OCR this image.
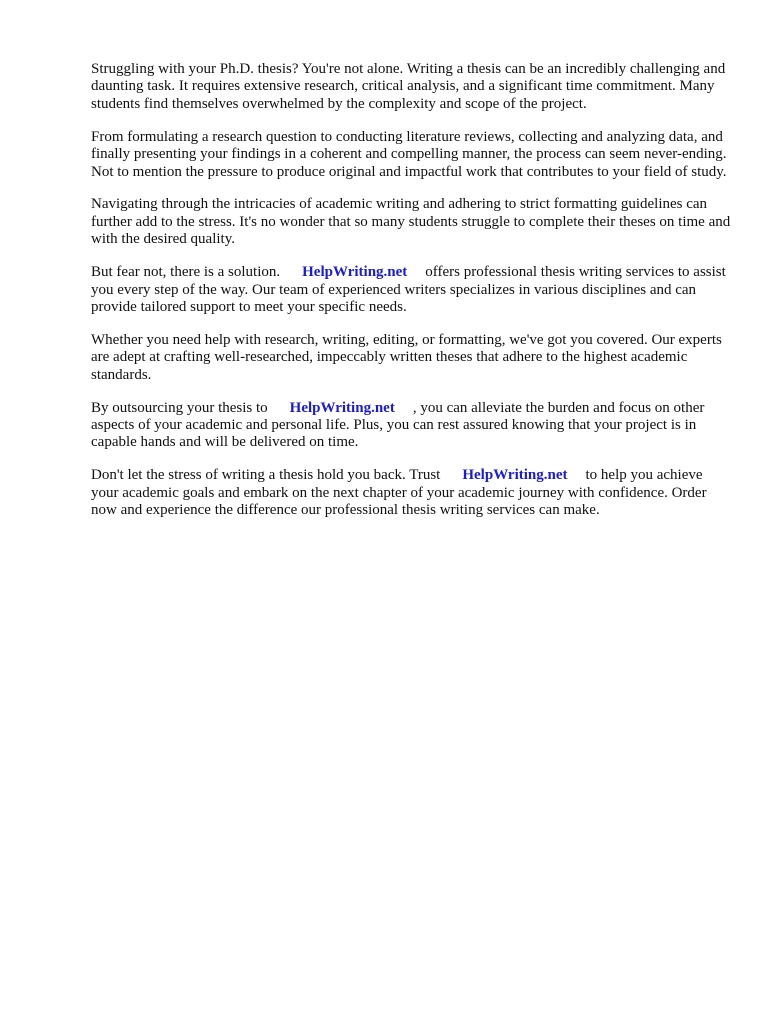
Struggling with your Ph.D. thesis? You're not alone. Writing a thesis can be an incredibly challenging and daunting task. It requires extensive research, critical analysis, and a significant time commitment. Many students find themselves overwhelmed by the complexity and scope of the project.

From formulating a research question to conducting literature reviews, collecting and analyzing data, and finally presenting your findings in a coherent and compelling manner, the process can seem never-ending. Not to mention the pressure to produce original and impactful work that contributes to your field of study.

Navigating through the intricacies of academic writing and adhering to strict formatting guidelines can further add to the stress. It's no wonder that so many students struggle to complete their theses on time and with the desired quality.

But fear not, there is a solution. HelpWriting.net offers professional thesis writing services to assist you every step of the way. Our team of experienced writers specializes in various disciplines and can provide tailored support to meet your specific needs.

Whether you need help with research, writing, editing, or formatting, we've got you covered. Our experts are adept at crafting well-researched, impeccably written theses that adhere to the highest academic standards.

By outsourcing your thesis to HelpWriting.net , you can alleviate the burden and focus on other aspects of your academic and personal life. Plus, you can rest assured knowing that your project is in capable hands and will be delivered on time.

Don't let the stress of writing a thesis hold you back. Trust HelpWriting.net to help you achieve your academic goals and embark on the next chapter of your academic journey with confidence. Order now and experience the difference our professional thesis writing services can make.
